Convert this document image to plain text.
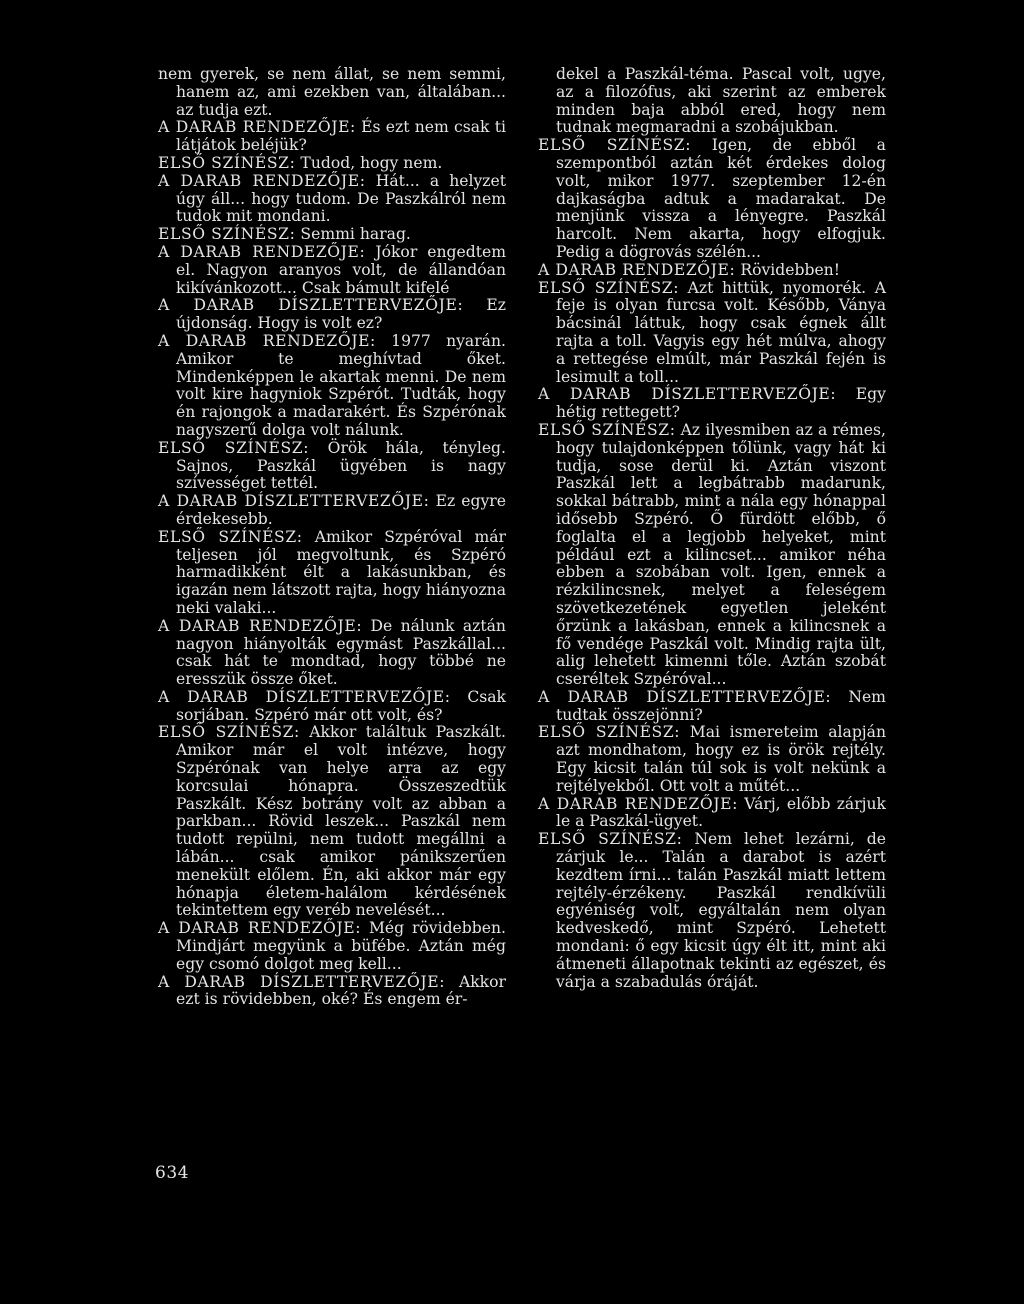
nem gyerek, se nem állat, se nem semmi, hanem az, ami ezekben van, általában... az tudja ezt.

A DARAB RENDEZŐJE: És ezt nem csak ti látjátok beléjük?

ELSŐ SZÍNÉSZ: Tudod, hogy nem.

A DARAB RENDEZŐJE: Hát... a helyzet úgy áll... hogy tudom. De Paszkálról nem tudok mit mondani.

ELSŐ SZÍNÉSZ: Semmi harag.

A DARAB RENDEZŐJE: Jókor engedtem el. Nagyon aranyos volt, de állandóan kikívánkozott... Csak bámult kifelé

A DARAB DÍSZLETTERVEZŐJE: Ez újdonság. Hogy is volt ez?

A DARAB RENDEZŐJE: 1977 nyarán. Amikor te meghívtad őket. Mindenképpen le akartak menni. De nem volt kire hagyniok Szpérót. Tudták, hogy én rajongok a madarakért. És Szpérónak nagyszerű dolga volt nálunk.

ELSŐ SZÍNÉSZ: Örök hála, tényleg. Sajnos, Paszkál ügyében is nagy szívességet tettél.

A DARAB DÍSZLETTERVEZŐJE: Ez egyre érdekesebb.

ELSŐ SZÍNÉSZ: Amikor Szpéróval már teljesen jól megvoltunk, és Szpéró harmadikként élt a lakásunkban, és igazán nem látszott rajta, hogy hiányozna neki valaki...

A DARAB RENDEZŐJE: De nálunk aztán nagyon hiányolták egymást Paszkállal... csak hát te mondtad, hogy többé ne eresszük össze őket.

A DARAB DÍSZLETTERVEZŐJE: Csak sorjában. Szpéró már ott volt, és?

ELSŐ SZÍNÉSZ: Akkor találtuk Paszkált. Amikor már el volt intézve, hogy Szpérónak van helye arra az egy korcsulai hónapra. Összeszedtük Paszkált. Kész botrány volt az abban a parkban... Rövid leszek... Paszkál nem tudott repülni, nem tudott megállni a lábán... csak amikor pánikszerűen menekült előlem. Én, aki akkor már egy hónapja életem-halálom kérdésének tekintettem egy veréb nevelését...

A DARAB RENDEZŐJE: Még rövidebben. Mindjárt megyünk a büfébe. Aztán még egy csomó dolgot meg kell...

A DARAB DÍSZLETTERVEZŐJE: Akkor ezt is rövidebben, oké? És engem ér-

dekel a Paszkál-téma. Pascal volt, ugye, az a filozófus, aki szerint az emberek minden baja abból ered, hogy nem tudnak megmaradni a szobájukban.

ELSŐ SZÍNÉSZ: Igen, de ebből a szempontból aztán két érdekes dolog volt, mikor 1977. szeptember 12-én dajkaságba adtuk a madarakat. De menjünk vissza a lényegre. Paszkál harcolt. Nem akarta, hogy elfogjuk. Pedig a dögrovás szélén...

A DARAB RENDEZŐJE: Rövidebben!

ELSŐ SZÍNÉSZ: Azt hittük, nyomorék. A feje is olyan furcsa volt. Később, Ványa bácsinál láttuk, hogy csak égnek állt rajta a toll. Vagyis egy hét múlva, ahogy a rettegése elmúlt, már Paszkál fején is lesimult a toll...

A DARAB DÍSZLETTERVEZŐJE: Egy hétig rettegett?

ELSŐ SZÍNÉSZ: Az ilyesmiben az a rémes, hogy tulajdonképpen tőlünk, vagy hát ki tudja, sose derül ki. Aztán viszont Paszkál lett a legbátrabb madarunk, sokkal bátrabb, mint a nála egy hónappal idősebb Szpéró. Ő fürdött előbb, ő foglalta el a legjobb helyeket, mint például ezt a kilincset... amikor néha ebben a szobában volt. Igen, ennek a rézkilincsnek, melyet a feleségem szövetkezetének egyetlen jeleként őrzünk a lakásban, ennek a kilincsnek a fő vendége Paszkál volt. Mindig rajta ült, alig lehetett kimenni tőle. Aztán szobát cseréltek Szpéróval...

A DARAB DÍSZLETTERVEZŐJE: Nem tudtak összejönni?

ELSŐ SZÍNÉSZ: Mai ismereteim alapján azt mondhatom, hogy ez is örök rejtély. Egy kicsit talán túl sok is volt nekünk a rejtélyekből. Ott volt a műtét...

A DARAB RENDEZŐJE: Várj, előbb zárjuk le a Paszkál-ügyet.

ELSŐ SZÍNÉSZ: Nem lehet lezárni, de zárjuk le... Talán a darabot is azért kezdtem írni... talán Paszkál miatt lettem rejtély-érzékeny. Paszkál rendkívüli egyéniség volt, egyáltalán nem olyan kedveskedő, mint Szpéró. Lehetett mondani: ő egy kicsit úgy élt itt, mint aki átmeneti állapotnak tekinti az egészet, és várja a szabadulás óráját.

634
